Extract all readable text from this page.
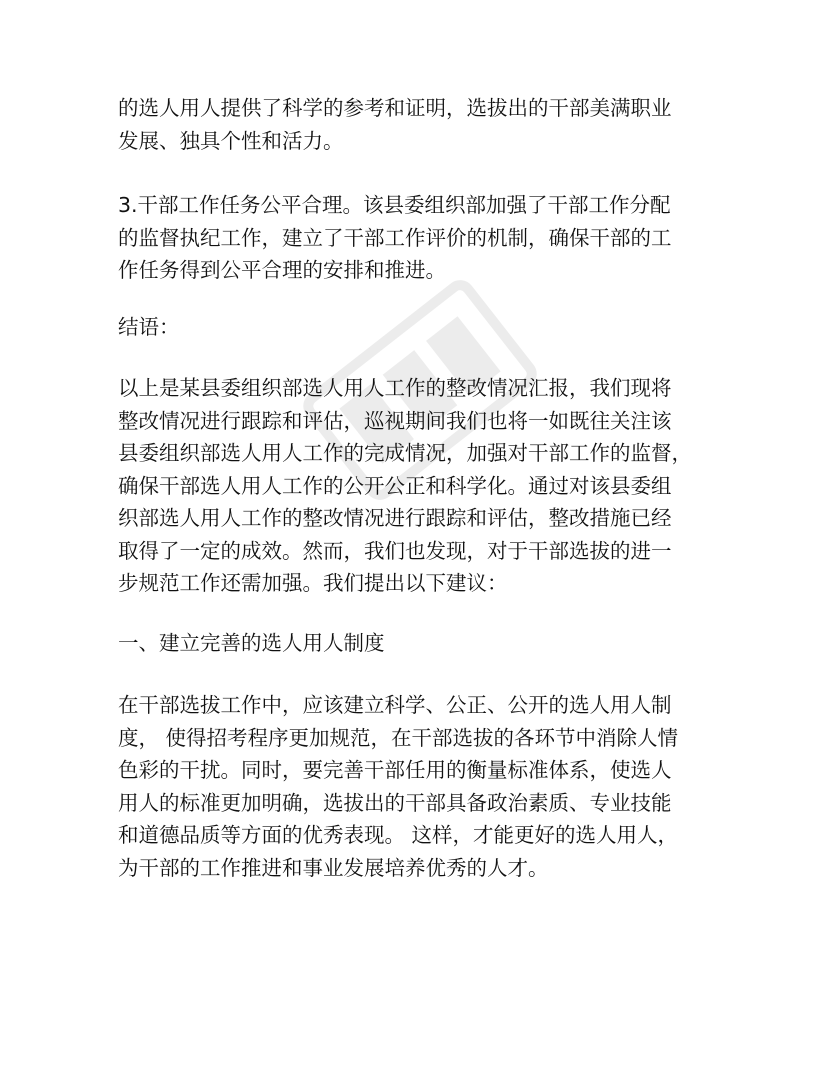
的选人用人提供了科学的参考和证明，选拔出的干部美满职业
发展、独具个性和活力。

3.干部工作任务公平合理。该县委组织部加强了干部工作分配
的监督执纪工作，建立了干部工作评价的机制，确保干部的工
作任务得到公平合理的安排和推进。

结语：

以上是某县委组织部选人用人工作的整改情况汇报，我们现将
整改情况进行跟踪和评估，巡视期间我们也将一如既往关注该
县委组织部选人用人工作的完成情况，加强对干部工作的监督，
确保干部选人用人工作的公开公正和科学化。通过对该县委组
织部选人用人工作的整改情况进行跟踪和评估，整改措施已经
取得了一定的成效。然而，我们也发现，对于干部选拔的进一
步规范工作还需加强。我们提出以下建议：

一、建立完善的选人用人制度

在干部选拔工作中，应该建立科学、公正、公开的选人用人制
度， 使得招考程序更加规范，在干部选拔的各环节中消除人情
色彩的干扰。同时，要完善干部任用的衡量标准体系，使选人
用人的标准更加明确，选拔出的干部具备政治素质、专业技能
和道德品质等方面的优秀表现。 这样，才能更好的选人用人，
为干部的工作推进和事业发展培养优秀的人才。
